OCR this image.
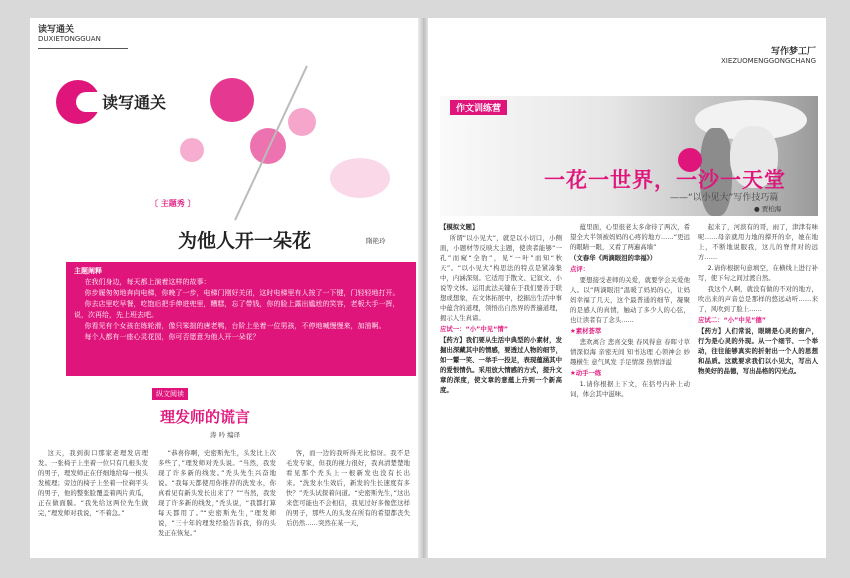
读写通关
DUXIETONGGUAN
读写通关
〔 主题秀 〕
为他人开一朵花	隋艳玲

主题阐释

在我们身边，每天都上演着这样的故事：

你步履匆匆地奔向电梯，你晚了一步，电梯门刚好关闭，这时电梯里有人按了一下键，门轻轻地打开。

你去店里吃早餐，吃饱后把手伸进兜里，糟糕，忘了带钱，你的脸上露出尴尬的笑容，老板大手一挥，说，次再给，先上班去吧。

你看见有个女孩在练轮滑，像只笨拙的唐老鸭，台阶上坐着一位男孩，不停地喊慢慢来，加油啊。

每个人都有一座心灵花园，你可否愿意为他人开一朵花？

纵文阅读
理发师的谎言
涛 吟 编译

这天，我到街口那家老理发店理发。一张椅子上坐着一位只有几根头发的男子，理发师正在仔细地给每一根头发梳理；旁边的椅子上坐着一位剃平头的男子，他的整张脸覆盖着两片黄瓜，正在做面膜。“我先给这两位先生做完，”理发师对我说，“不着急。”

“恭喜你啊，史密斯先生，头发比上次多些了，”理发师对秃头说。“当然，我发现了许多新的线发。”秃头先生兴奋地说。“我每天都使用你推荐的洗发水，你真看见有新头发长出来了？”“当然，我发现了许多新的线发，”秃头说，“我都打算每天都用了。”“史密斯先生，”理发师说，“三十年的理发经验告诉我，你的头发正在恢复。”

客，而一边的我听得无比惊讶。我不是毛发专家，但我的视力很好，我真清楚楚地看见那个秃头上一根新发也没有长出来。“洗发水生效后，新发的生长速度有多快？”秃头试探着问道。“史密斯先生，”这出来您可能也不会相信，我见过好多像您这样的男子，那些人的头发在所有的希望都丧失后仍然……突然在某一天，

写作梦工厂
XIEZUOMENGGONGCHANG
作文训练营
一花一世界，一沙一天堂
——“以小见大”写作技巧篇
● 贾柏海

【模拟文题】

所谓“以小见大”，就是以小切口，小侧面，小题材等反映大主题，使读者能够“一孔”而窥“全豹”，见“一叶”而知“秋天”。“以小见大”构思法的特点是紧凑集中，内涵深刻。它适用于散文、记叙文、小说等文体。运用此法关键在于我们要善于联想或想象，在文体拓展中，挖掘出生活中事中蕴含的道理，领悟出自然界的普遍道理，揭示人生真谛。

应试一：“小”中见“情”

【药方】我们要从生活中典型的小素材，发掘出深藏其中的情感，要透过人物的细节，如一颦一笑、一举手一投足，表现蕴涵其中的爱恨情仇。采用放大情感的方式，提升文章的深度，使文章的意蕴上升到一个新高度。

蕴里面，心里很老太多命待了两次，希望全大半领被妈妈的心疼的地方……“更远的眼睛一眼，又看了两遍高墙”

（文春华《两滴眼泪的幸福》）

点评：

要想接受老师的关爱，就要学会关爱他人。以“两滴眼泪”温暖了妈妈的心，让妈妈幸福了几天，这个最普通的细节，凝聚的是感人的真情，触动了多少人的心弦，也让读者有了念头……

★素材荟萃

悲欢离合 悲喜交集 春风得意 春晖寸草 情深似海 亲密无间 知书达理 心领神会 妙趣横生 意气风发 手足情深 热情洋溢

★动手一练

1.请你根据上下文，在括号内补上动词，体会其中滋味。

起来了，河滨有的哥，雨了，津津有味呢……母亲就用力地的撑开的伞，她在地上，不断地说服我，这儿的脊背对的远方……

2.请你根据句意填空，在横线上进行补写，使下句之间过渡自然。

我这个人啊，就没有做的不对的地方，吹出来的声音总是那样的悠远动听……来了，风吹到了脸上……

应试二：“小”中见“德”

【药方】人们常说，眼睛是心灵的窗户，行为是心灵的外现。从一个细节、一个举动，往往能够真实的折射出一个人的思想和品质。这就要求我们以小见大，写出人物美好的品德，写出品格的闪光点。
